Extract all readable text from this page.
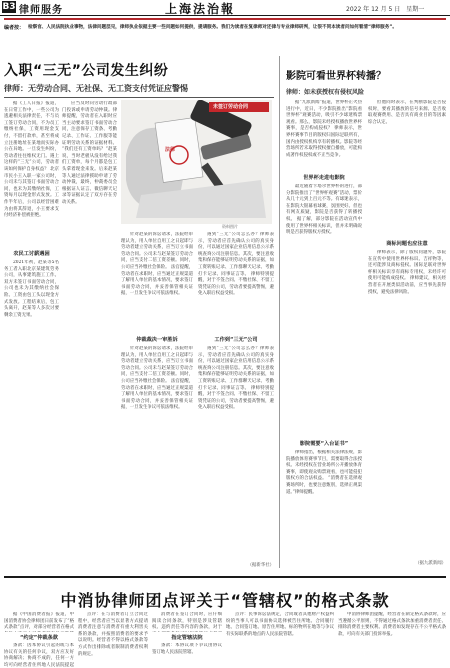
B3 律师服务	上海法治報	2022 年 12 月 5 日　星期一
编者按： 检察官、人民法院执业事物，法律问题层见，律师执业依据主要一些问题如何提供，提请服务。我们为读者在复律师对还律与专业律师研判，让很不同本读者问如何看清“律师服务”。
入职“三无”公司发生纠纷
律师：无劳动合同、无社保、无工资支付凭证应警惕
据《工人日报》报道，在日常工作中，一些公司为逃避相关法律责任，不与员工签订劳动合同，不为员工缴纳社保，工资用现金支付，不留打款单，甚至将成立注册地址在某地而实际办公在异地。一旦发生纠纷，劳动者往往维权无门。遇上这样的“三无”公司，劳动者该如何保护自身权益？ 北京市民小王入职一家公司时，公司未与其签订书面劳动合同，也未为其缴纳社保，工资每月以现金形式发放。工作半年后，公司以经营困难为由将其辞退，小王要求支付经济补偿被拒绝。
农民工讨薪遇困
2021年初，赵某等5名务工者入职北京某建筑劳务公司，从事建筑施工工作。双方未签订书面劳动合同，公司也未为其缴纳社会保险。工资由包工头以现金方式发放。工程结束后，包工头离开，赵某等人多次讨要剩余工资无果。
应当及时向劳动行政部门投诉或申请劳动仲裁。律师提醒，劳动者在入职时应当主动要求签订书面劳动合同，注意保存工资条、考勤记录、工作证、工作服等能证明劳动关系的证据材料。 “我们还有工资单吗？”赵某说，当时老板从没有给过我们工资单，每个月都是包工头拿着现金来发。后来赵某等人通过法律援助申请了劳动仲裁，最终，仲裁委员会根据证人证言、微信聊天记录等证据认定了双方存在劳动关系。
未签订劳动合同
法律
资料图片
针对赵某的诉讼请求，法院经审理认为，用人单位自用工之日起即与劳动者建立劳动关系，应当订立书面劳动合同。公司未与赵某签订劳动合同，应当支付二倍工资差额。同时，公司应当补缴社会保险。 法官提醒，劳动者在求职时，应当通过正规渠道了解用人单位的基本情况，要求签订书面劳动合同，并妥善保管相关证据，一旦发生争议可依法维权。
遇到“三无”公司怎么办？律师表示，劳动者应首先确认公司的真实身份，可以通过国家企业信用信息公示系统查询公司注册信息。其次，要注意收集和保存能够证明劳动关系的证据，如工资转账记录、工作群聊天记录、考勤打卡记录、同事证言等。 律师特别提醒，对于不签合同、不缴社保、不留工资凭证的公司，劳动者要提高警惕，避免入职后权益受损。
仲裁裁决一审胜诉	工作到“三无”公司
针对赵某的诉讼请求，法院经审理认为，用人单位自用工之日起即与劳动者建立劳动关系，应当订立书面劳动合同。公司未与赵某签订劳动合同，应当支付二倍工资差额。同时，公司应当补缴社会保险。 法官提醒，劳动者在求职时，应当通过正规渠道了解用人单位的基本情况，要求签订书面劳动合同，并妥善保管相关证据，一旦发生争议可依法维权。
遇到“三无”公司怎么办？律师表示，劳动者应首先确认公司的真实身份，可以通过国家企业信用信息公示系统查询公司注册信息。其次，要注意收集和保存能够证明劳动关系的证据，如工资转账记录、工作群聊天记录、考勤打卡记录、同事证言等。 律师特别提醒，对于不签合同、不缴社保、不留工资凭证的公司，劳动者要提高警惕，避免入职后权益受损。
（据新华社）
影院可看世界杯转播？
律师：如未获授权有侵权风险
据“九派新闻”报道，世界杯正火热进行中，近日，不少影院推出“影院看世界杯”观赛活动，吸引不少球迷购票观看。那么，影院未经授权播放世界杯赛事，是否构成侵权？ 律师表示，世界杯赛事节目的版权归国际足联所有，国内由授权机构享有转播权。影院等经营场所若未取得授权擅自播放，可能构成著作权侵权或不正当竞争。
世界杯走进电影院
最近随着卡塔尔世界杯的进行，部分影院推出了“世界杯观赛”活动，票价从几十元到上百元不等。有球迷表示，在影院大银幕看球赛，氛围更好。但也有网友质疑，影院是否获得了转播授权。 据了解，部分影院在活动宣传中使用了世界杯相关标识，但并未明确说明是否获得版权方授权。
影院需要“入台证书”
律师指出，根据相关法律法规，影院播放体育赛事节目，需要取得合法授权。未经授权在营业场所公开播放体育赛事，即使观众购票观看，也可能侵犯版权方的合法权益。 “消费者在选择观赛场所时，也要注意甄别，选择正规渠道。”律师提醒。
但他同时表示，在判断影院是否侵权时，要看其播放的信号来源、是否收取观赛费用、是否具有商业目的等因素综合认定。
商标问题也应注意
律师表示，除了版权问题外，影院在宣传中使用世界杯标识、吉祥物等，还可能涉及商标侵权。国际足联对世界杯相关标识享有商标专用权，未经许可使用可能构成侵权。 律师建议，相关经营者在开展类似活动前，应当事先获得授权，避免法律风险。
（据九派新闻）
中消协律师团点评关于“管辖权”的格式条款
据《中国消费者报》报道，中国消费者协会律师团日前发布了“格式条款”点评，对部分经营者在格式
“约定”仲裁条款
条款：因本协议引起的或与本协议有关的任何争议，双方应友好协商解决；协商不成的，任何一方均可向经营者住所地人民法院提起
点评：在与消费者订立合同过程中，经营者应当以显著方式提请消费者注意与消费者有重大利害关系的条款，并按照消费者的要求予以说明。经营者不得以格式条款等方式作出排除或者限制消费者权利的规定。
消费者在签订合同时，应仔细阅读合同条款，特别是涉及管辖权、违约责任等内容的条款，对于
指定管辖法院
条款：本协议项下争议由协议签订地人民法院管辖。
点评：民事诉讼法规定，合同或者其他财产权益纠纷的当事人可以书面协议选择被告住所地、合同履行地、合同签订地、原告住所地、标的物所在地等与争议有实际联系的地点的人民法院管辖。
中消协律师团提醒，经营者在制定格式条款时，应当遵循公平原则，不得通过格式条款加重消费者责任、排除消费者主要权利。消费者如发现存在不公平格式条款，可向有关部门投诉举报。
